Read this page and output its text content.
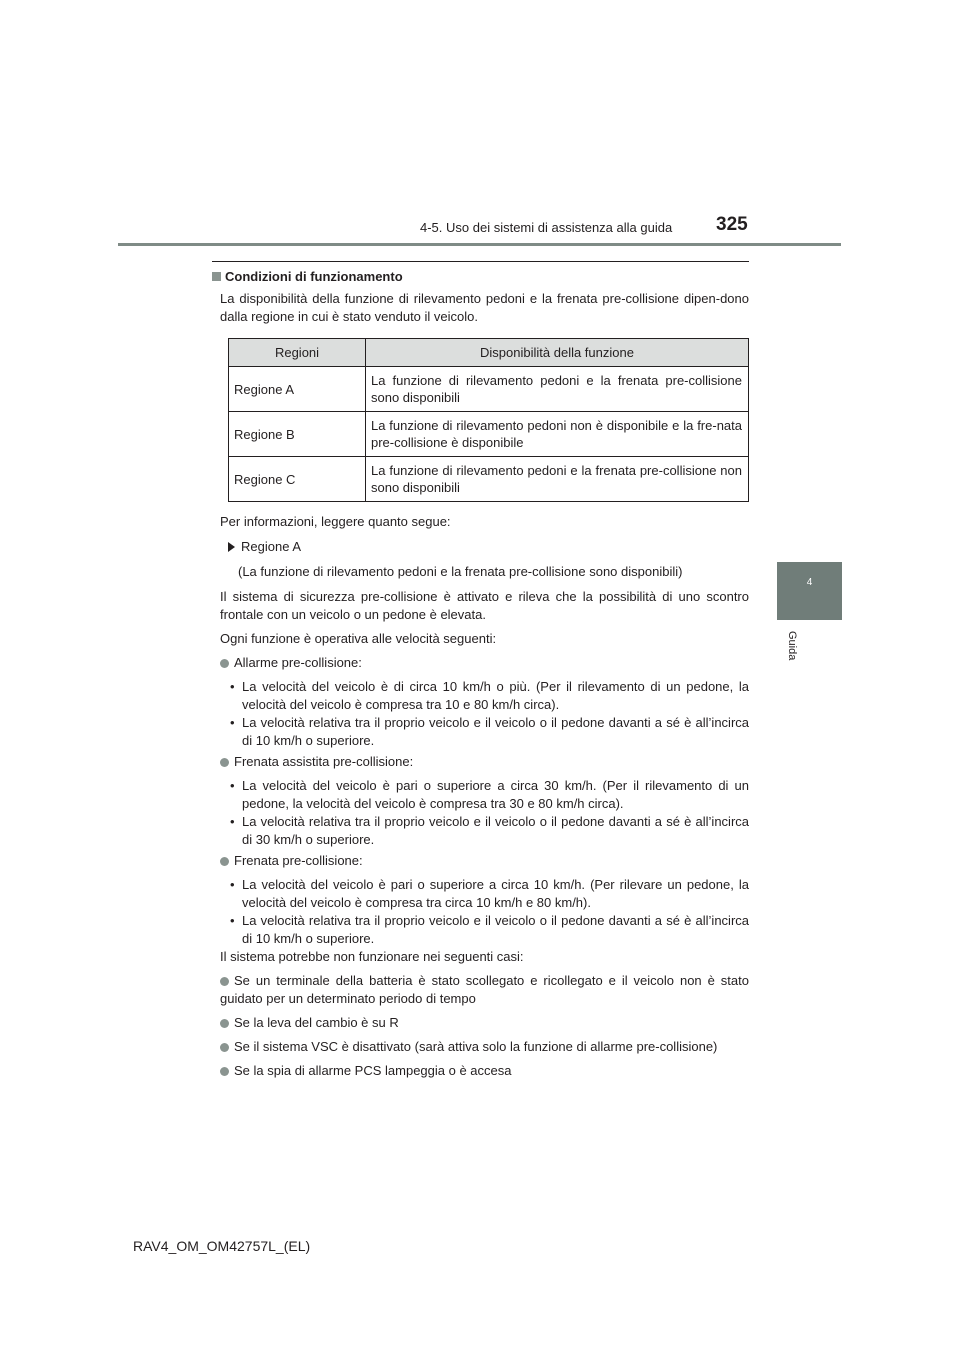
4-5. Uso dei sistemi di assistenza alla guida 325
4
Guida
Condizioni di funzionamento

La disponibilità della funzione di rilevamento pedoni e la frenata pre-collisione dipen-dono dalla regione in cui è stato venduto il veicolo.

Regioni	Disponibilità della funzione
Regione A	La funzione di rilevamento pedoni e la frenata pre-collisione sono disponibili
Regione B	La funzione di rilevamento pedoni non è disponibile e la fre-nata pre-collisione è disponibile
Regione C	La funzione di rilevamento pedoni e la frenata pre-collisione non sono disponibili

Per informazioni, leggere quanto segue:

Regione A

(La funzione di rilevamento pedoni e la frenata pre-collisione sono disponibili)

Il sistema di sicurezza pre-collisione è attivato e rileva che la possibilità di uno scontro frontale con un veicolo o un pedone è elevata.

Ogni funzione è operativa alle velocità seguenti:

Allarme pre-collisione:

• La velocità del veicolo è di circa 10 km/h o più. (Per il rilevamento di un pedone, la velocità del veicolo è compresa tra 10 e 80 km/h circa).
• La velocità relativa tra il proprio veicolo e il veicolo o il pedone davanti a sé è all’incirca di 10 km/h o superiore.

Frenata assistita pre-collisione:

• La velocità del veicolo è pari o superiore a circa 30 km/h. (Per il rilevamento di un pedone, la velocità del veicolo è compresa tra 30 e 80 km/h circa).
• La velocità relativa tra il proprio veicolo e il veicolo o il pedone davanti a sé è all’incirca di 30 km/h o superiore.

Frenata pre-collisione:

• La velocità del veicolo è pari o superiore a circa 10 km/h. (Per rilevare un pedone, la velocità del veicolo è compresa tra circa 10 km/h e 80 km/h).
• La velocità relativa tra il proprio veicolo e il veicolo o il pedone davanti a sé è all’incirca di 10 km/h o superiore.

Il sistema potrebbe non funzionare nei seguenti casi:

Se un terminale della batteria è stato scollegato e ricollegato e il veicolo non è stato guidato per un determinato periodo di tempo

Se la leva del cambio è su R

Se il sistema VSC è disattivato (sarà attiva solo la funzione di allarme pre-collisione)

Se la spia di allarme PCS lampeggia o è accesa

RAV4_OM_OM42757L_(EL)
